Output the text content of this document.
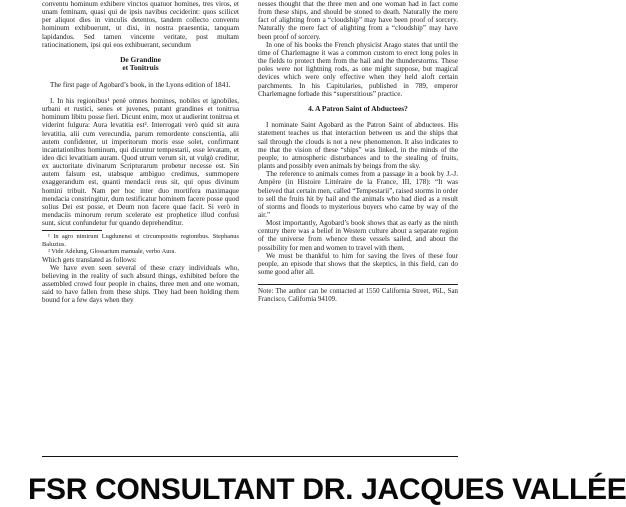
conventu hominum exhibere vinctos quatuor homines, tres viros, et unam feminam, quasi qui de ipsis navibus ceciderint: quos scilicet per aliquot dies in vinculis detentos, tandem collecto conventu hominum exhibuerunt, ut dixi, in nostra praesentia, tanquam lapidandos. Sed tamen vincente veritate, post multam ratiocinationem, ipsi qui eos exhibuerant, secundum

De Grandine
et Tonitruis

The first page of Agobard’s book, in the Lyons edition of 1841.

I. In his regionibus¹ penè omnes homines, nobiles et ignobiles, urbani et rustici, senes et juvenes, putant grandines et tonitrua hominum libitu posse fieri. Dicunt enim, mox ut audierint tonitrua et viderint fulgura: Aura levatitia est². Interrogati verò quid sit aura levatitia, alii cum verecundia, parum remordente conscientia, alii autem confidenter, ut imperitorum moris esse solet, confirmant incantationibus hominum, qui dicuntur tempestarii, esse levatam, et ideo dici levatitiam auram. Quod utrum verum sit, ut vulgò creditur, ex auctoritate divinarum Scripturarum probetur necesse est. Sin autem falsum est, utabsque ambiguo credimus, summopere exaggerandum est, quanti mendacii reus sit, qui opus divinum homini tribuit. Nam per hoc inter duo mortifera maximaque mendacia constringitur, dum testificatur hominem facere posse quod solius Dei est posse, et Deum non facere quae facit. Si verò in mendaciis minorum rerum scelerate est prophetice illud confusi sunt, sicut confundetur fur quando deprehenditur.

¹ In agro nimirum Lugdunensi et circumpositis regionibus. Stephanus Baluzius.

² Vide Adelung, Glossarium manuale, verbo Aura.

Which gets translated as follows:

We have even seen several of these crazy individuals who, believing in the reality of such absurd things, exhibited before the assembled crowd four people in chains, three men and one woman, said to have fallen from these ships. They had been holding them bound for a few days when they

nesses thought that the three men and one woman had in fact come from these ships, and should be stoned to death. Naturally the mere fact of alighting from a “cloudship” may have been proof of sorcery. Naturally the mere fact of alighting from a “cloudship” may have been proof of sorcery.

In one of his books the French physicist Arago states that until the time of Charlemagne it was a common custom to erect long poles in the fields to protect them from the hail and the thunderstorms. These poles were not lightning rods, as one might suppose, but magical devices which were only effective when they held aloft certain parchments. In his Capitularies, published in 789, emperor Charlemagne forbade this “superstitious” practice.

4. A Patron Saint of Abductees?

I nominate Saint Agobard as the Patron Saint of abductees. His statement teaches us that interaction between us and the ships that sail through the clouds is not a new phenomenon. It also indicates to me that the vision of these “ships” was linked, in the minds of the people, to atmospheric disturbances and to the stealing of fruits, plants and possibly even animals by beings from the sky.

The reference to animals comes from a passage in a book by J.-J. Ampère (in Histoire Littéraire de la France, III, 178): “It was believed that certain men, called “Tempestarii”, raised storms in order to sell the fruits hit by hail and the animals who had died as a result of storms and floods to mysterious buyers who came by way of the air.”

Most importantly, Agobard’s book shows that as early as the ninth century there was a belief in Western culture about a separate region of the universe from whence these vessels sailed, and about the possibility for men and women to travel with them.

We must be thankful to him for saving the lives of these four people, an episode that shows that the skeptics, in this field, can do some good after all.

Note: The author can be contacted at 1550 California Street, #6L, San Francisco, California 94109.

FSR CONSULTANT DR. JACQUES VALLÉE
